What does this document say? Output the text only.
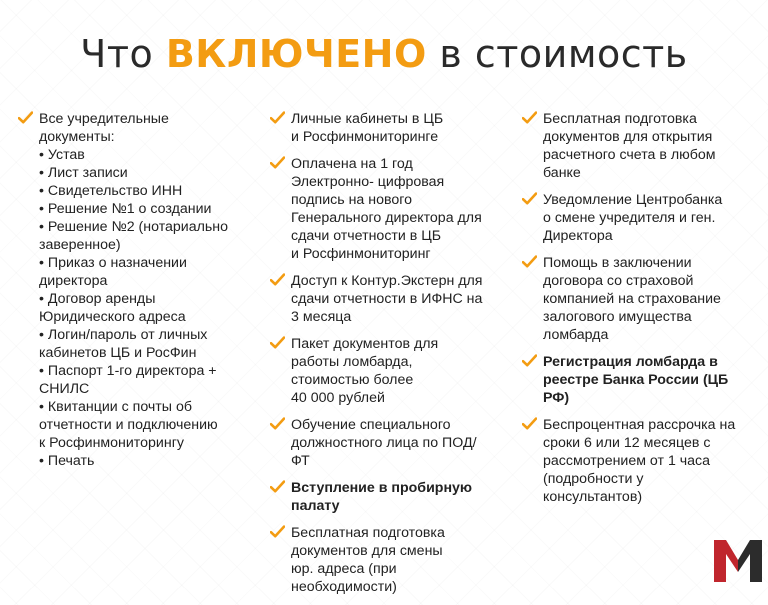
Что ВКЛЮЧЕНО в стоимость
Все учредительные
документы:
• Устав
• Лист записи
• Свидетельство ИНН
• Решение №1 о создании
• Решение №2 (нотариально
заверенное)
• Приказ о назначении
директора
• Договор аренды
Юридического адреса
• Логин/пароль от личных
кабинетов ЦБ и РосФин
• Паспорт 1-го директора +
СНИЛС
• Квитанции с почты об
отчетности и подключению
к Росфинмониторингу
• Печать
Личные кабинеты в ЦБ
и Росфинмониторинге
Оплачена на 1 год
Электронно- цифровая
подпись на нового
Генерального директора для
сдачи отчетности в ЦБ
и Росфинмониторинг
Доступ к Контур.Экстерн для
сдачи отчетности в ИФНС на
3 месяца
Пакет документов для
работы ломбарда,
стоимостью более
40 000 рублей
Обучение специального
должностного лица по ПОД/
ФТ
Вступление в пробирную
палату
Бесплатная подготовка
документов для смены
юр. адреса (при
необходимости)
Бесплатная подготовка
документов для открытия
расчетного счета в любом
банке
Уведомление Центробанка
о смене учредителя и ген.
Директора
Помощь в заключении
договора со страховой
компанией на страхование
залогового имущества
ломбарда
Регистрация ломбарда в
реестре Банка России (ЦБ
РФ)
Беспроцентная рассрочка на
сроки 6 или 12 месяцев с
рассмотрением от 1 часа
(подробности у
консультантов)
